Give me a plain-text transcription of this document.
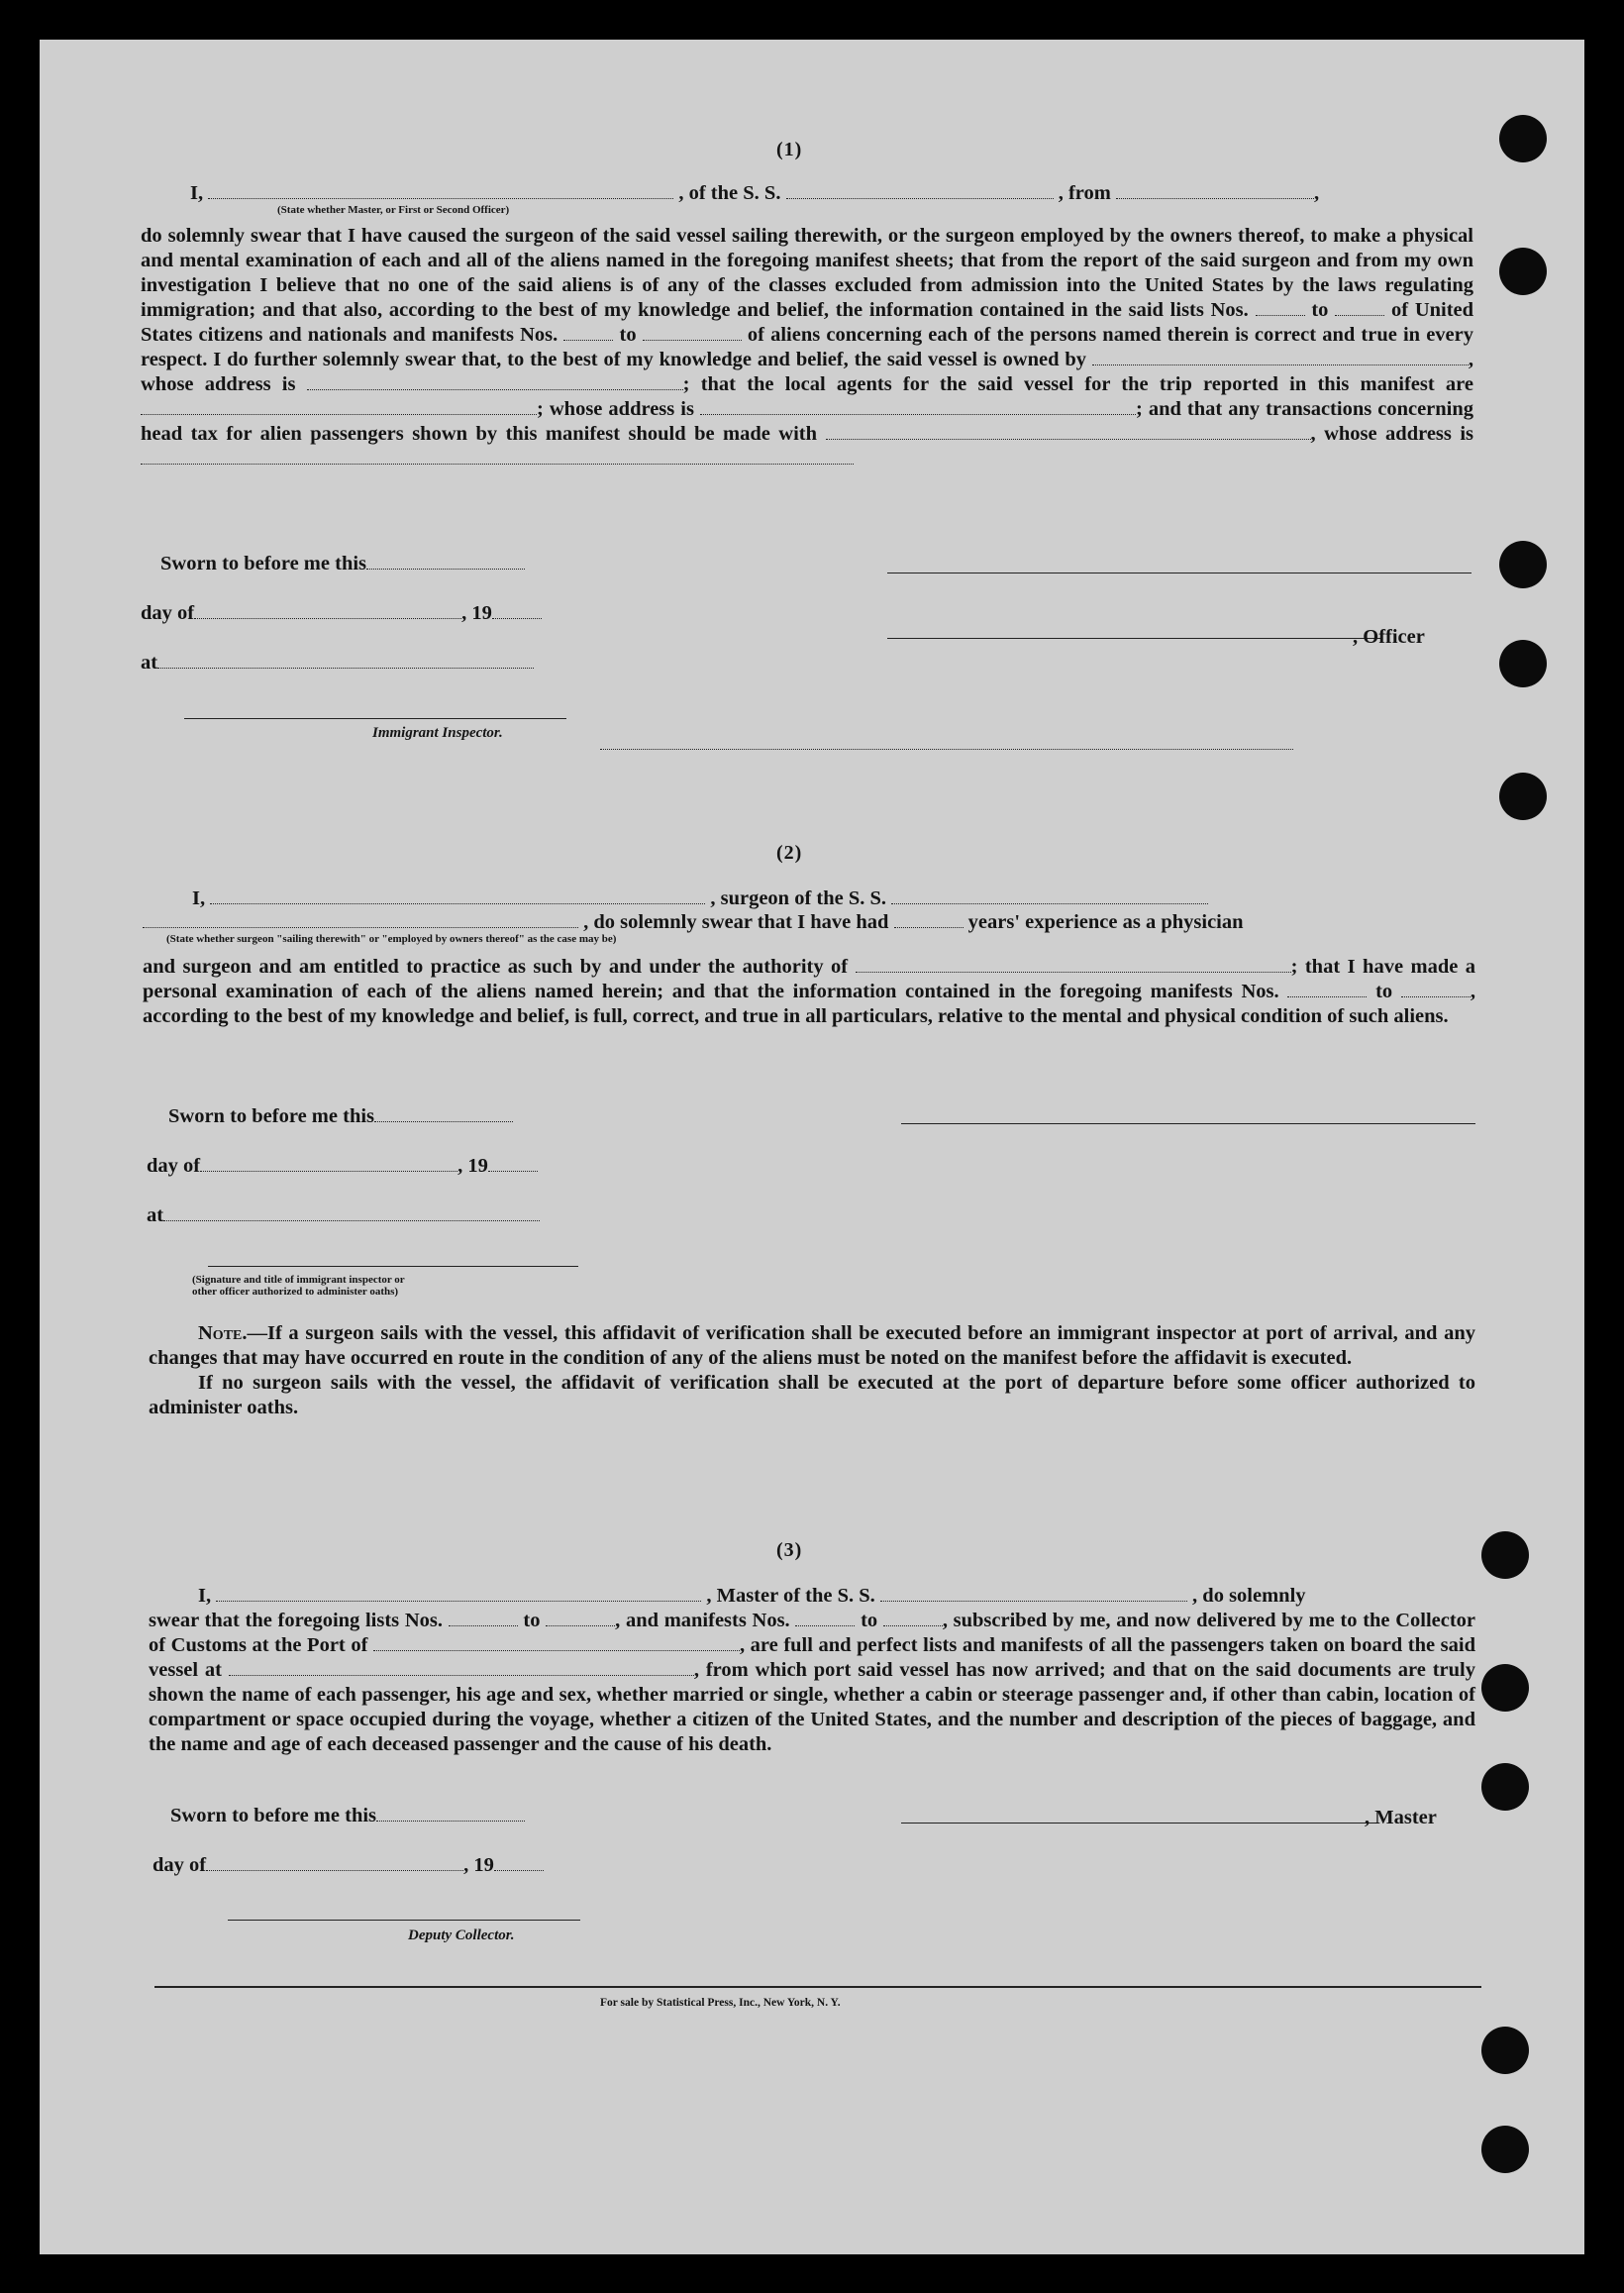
(1)
I,	, of the S. S.	, from	,
(State whether Master, or First or Second Officer)

do solemnly swear that I have caused the surgeon of the said vessel sailing therewith, or the surgeon employed by the owners thereof, to make a physical and mental examination of each and all of the aliens named in the foregoing manifest sheets; that from the report of the said surgeon and from my own investigation I believe that no one of the said aliens is of any of the classes excluded from admission into the United States by the laws regulating immigration; and that also, according to the best of my knowledge and belief, the information contained in the said lists Nos.	to	of United States citizens and nationals and manifests Nos.	to	of aliens concerning each of the persons named therein is correct and true in every respect. I do further solemnly swear that, to the best of my knowledge and belief, the said vessel is owned by	, whose address is	; that the local agents for the said vessel for the trip reported in this manifest are ; whose address is	; and that any transactions concerning head tax for alien passengers shown by this manifest should be made with	, whose address is

Sworn to before me this
day of	, 19
, Officer
at
Immigrant Inspector.
(2)
I,	, surgeon of the S. S.
, do solemnly swear that I have had	years' experience as a physician
(State whether surgeon "sailing therewith" or "employed by owners thereof" as the case may be)

and surgeon and am entitled to practice as such by and under the authority of	; that I have made a personal examination of each of the aliens named herein; and that the information contained in the foregoing manifests Nos.	to	, according to the best of my knowledge and belief, is full, correct, and true in all particulars, relative to the mental and physical condition of such aliens.

Sworn to before me this
day of	, 19
at
(Signature and title of immigrant inspector or other officer authorized to administer oaths)

Note.—If a surgeon sails with the vessel, this affidavit of verification shall be executed before an immigrant inspector at port of arrival, and any changes that may have occurred en route in the condition of any of the aliens must be noted on the manifest before the affidavit is executed.

If no surgeon sails with the vessel, the affidavit of verification shall be executed at the port of departure before some officer authorized to administer oaths.

(3)
I,	, Master of the S. S.	, do solemnly

swear that the foregoing lists Nos.	to	, and manifests Nos.	to	, subscribed by me, and now delivered by me to the Collector of Customs at the Port of	, are full and perfect lists and manifests of all the passengers taken on board the said vessel at	, from which port said vessel has now arrived; and that on the said documents are truly shown the name of each passenger, his age and sex, whether married or single, whether a cabin or steerage passenger and, if other than cabin, location of compartment or space occupied during the voyage, whether a citizen of the United States, and the number and description of the pieces of baggage, and the name and age of each deceased passenger and the cause of his death.

Sworn to before me this	, Master
day of	, 19
Deputy Collector.
For sale by Statistical Press, Inc., New York, N. Y.
